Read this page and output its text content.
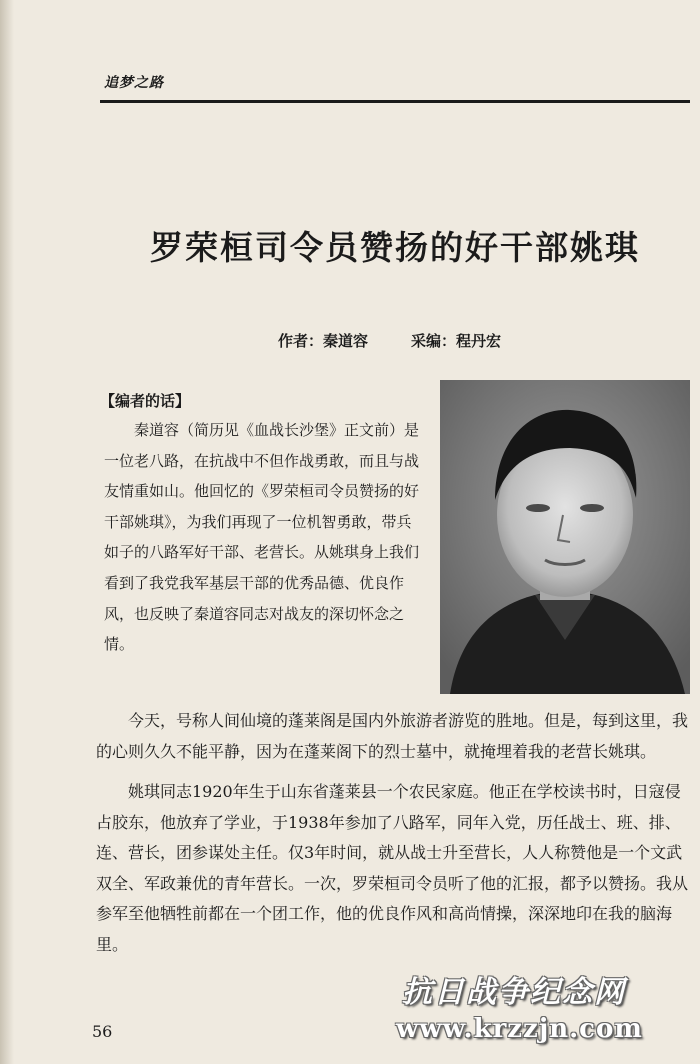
追梦之路
罗荣桓司令员赞扬的好干部姚琪
作者：秦道容	采编：程丹宏
【编者的话】
秦道容（简历见《血战长沙堡》正文前）是一位老八路，在抗战中不但作战勇敢，而且与战友情重如山。他回忆的《罗荣桓司令员赞扬的好干部姚琪》，为我们再现了一位机智勇敢，带兵如子的八路军好干部、老营长。从姚琪身上我们看到了我党我军基层干部的优秀品德、优良作风，也反映了秦道容同志对战友的深切怀念之情。

今天，号称人间仙境的蓬莱阁是国内外旅游者游览的胜地。但是，每到这里，我的心则久久不能平静，因为在蓬莱阁下的烈士墓中，就掩埋着我的老营长姚琪。

姚琪同志1920年生于山东省蓬莱县一个农民家庭。他正在学校读书时，日寇侵占胶东，他放弃了学业，于1938年参加了八路军，同年入党，历任战士、班、排、连、营长，团参谋处主任。仅3年时间，就从战士升至营长，人人称赞他是一个文武双全、军政兼优的青年营长。一次，罗荣桓司令员听了他的汇报，都予以赞扬。我从参军至他牺牲前都在一个团工作，他的优良作风和高尚情操，深深地印在我的脑海里。

56
抗日战争纪念网
www.krzzjn.com
